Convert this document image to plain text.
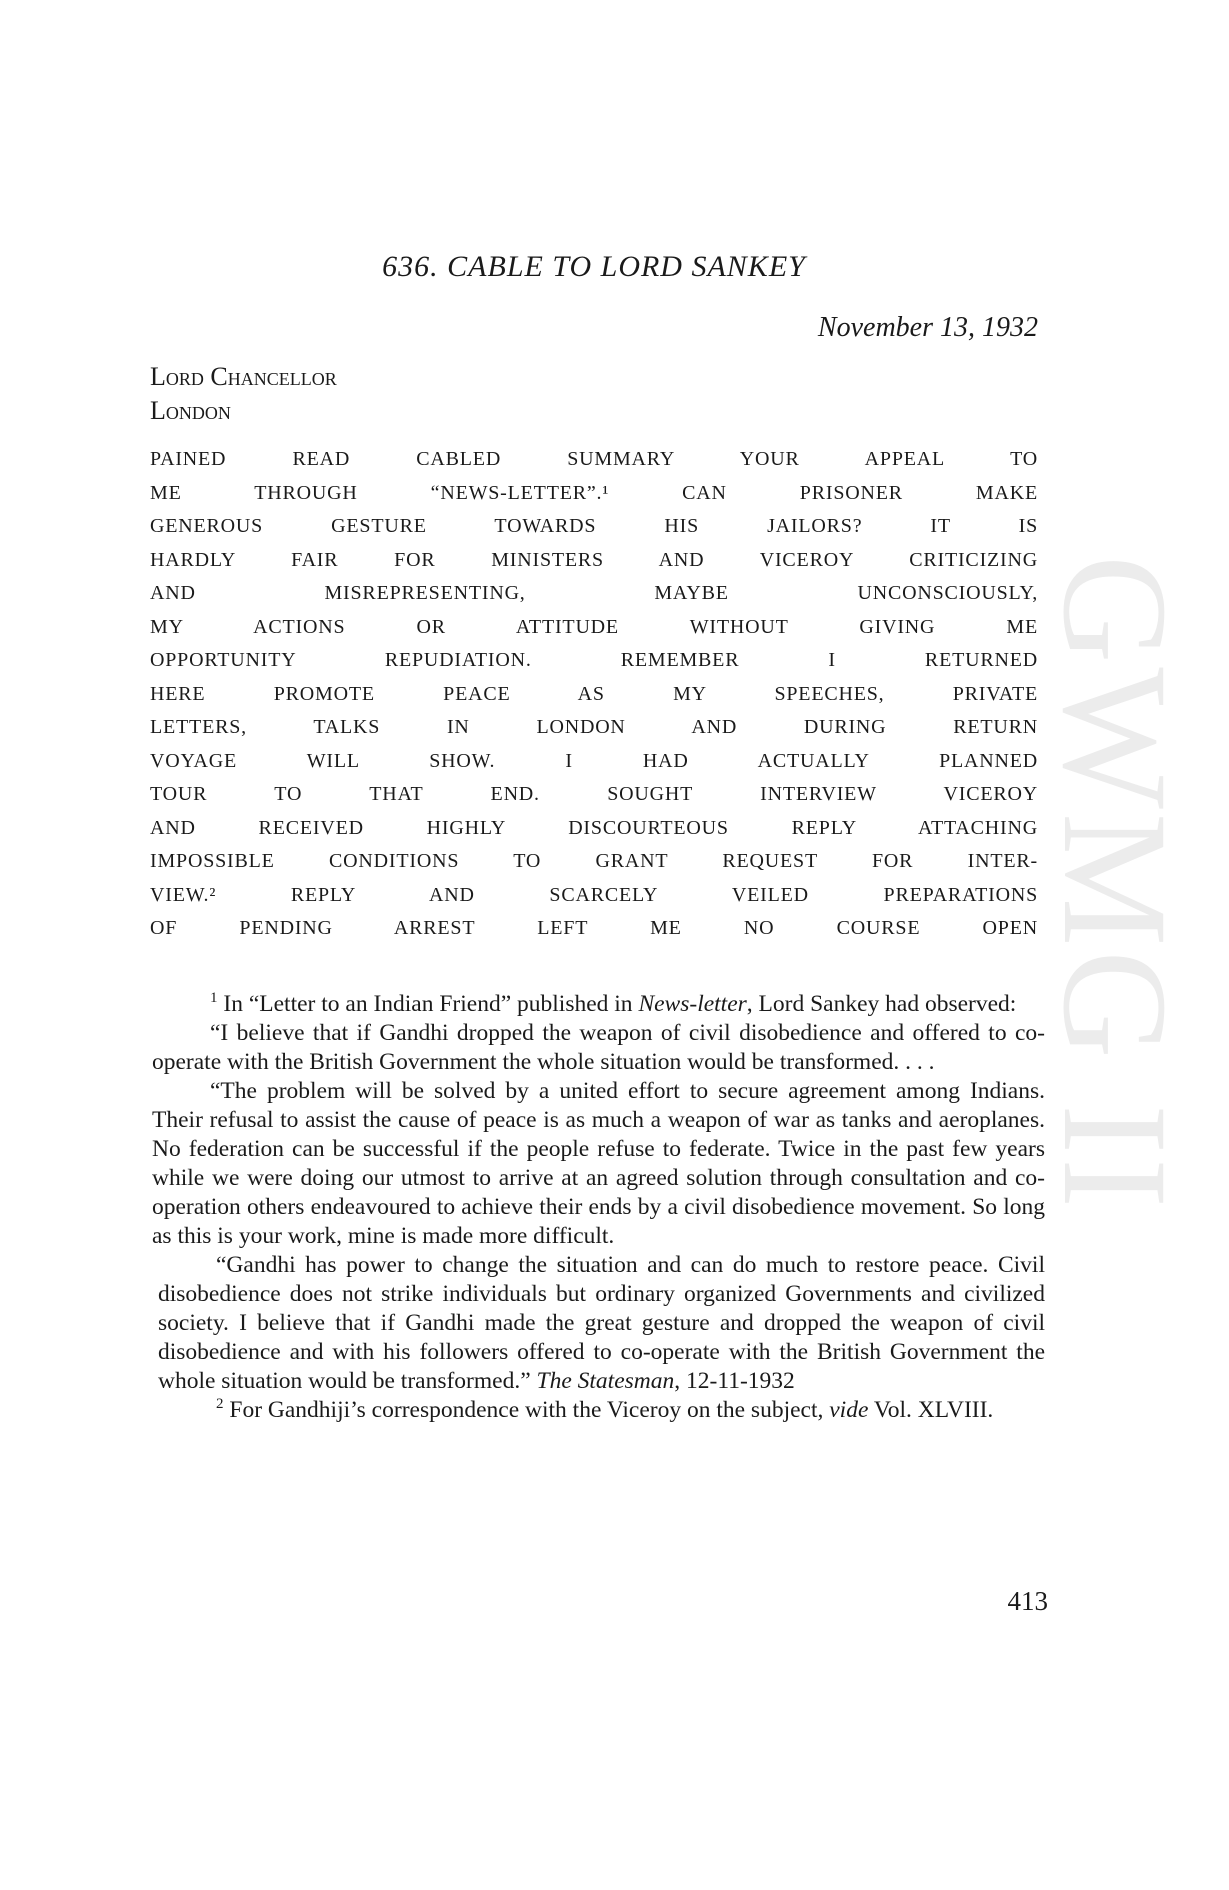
GWMG II
636. CABLE TO LORD SANKEY
November 13, 1932
Lord Chancellor
London
PAINED READ CABLED SUMMARY YOUR APPEAL TO
ME THROUGH “NEWS-LETTER”.¹ CAN PRISONER MAKE
GENEROUS GESTURE TOWARDS HIS JAILORS? IT IS
HARDLY FAIR FOR MINISTERS AND VICEROY CRITICIZING
AND MISREPRESENTING, MAYBE UNCONSCIOUSLY,
MY ACTIONS OR ATTITUDE WITHOUT GIVING ME
OPPORTUNITY REPUDIATION. REMEMBER I RETURNED
HERE PROMOTE PEACE AS MY SPEECHES, PRIVATE
LETTERS, TALKS IN LONDON AND DURING RETURN
VOYAGE WILL SHOW. I HAD ACTUALLY PLANNED
TOUR TO THAT END. SOUGHT INTERVIEW VICEROY
AND RECEIVED HIGHLY DISCOURTEOUS REPLY ATTACHING
IMPOSSIBLE CONDITIONS TO GRANT REQUEST FOR INTER-
VIEW.² REPLY AND SCARCELY VEILED PREPARATIONS
OF PENDING ARREST LEFT ME NO COURSE OPEN

$^1$ In “Letter to an Indian Friend” published in News-letter, Lord Sankey had observed:

“I believe that if Gandhi dropped the weapon of civil disobedience and offered to co-operate with the British Government the whole situation would be transformed. . . .

“The problem will be solved by a united effort to secure agreement among Indians. Their refusal to assist the cause of peace is as much a weapon of war as tanks and aeroplanes. No federation can be successful if the people refuse to federate. Twice in the past few years while we were doing our utmost to arrive at an agreed solution through consultation and co-operation others endeavoured to achieve their ends by a civil disobedience movement. So long as this is your work, mine is made more difficult.

“Gandhi has power to change the situation and can do much to restore peace. Civil disobedience does not strike individuals but ordinary organized Governments and civilized society. I believe that if Gandhi made the great gesture and dropped the weapon of civil disobedience and with his followers offered to co-operate with the British Government the whole situation would be transformed.” The Statesman, 12-11-1932

$^2$ For Gandhiji’s correspondence with the Viceroy on the subject, vide Vol. XLVIII.

413
